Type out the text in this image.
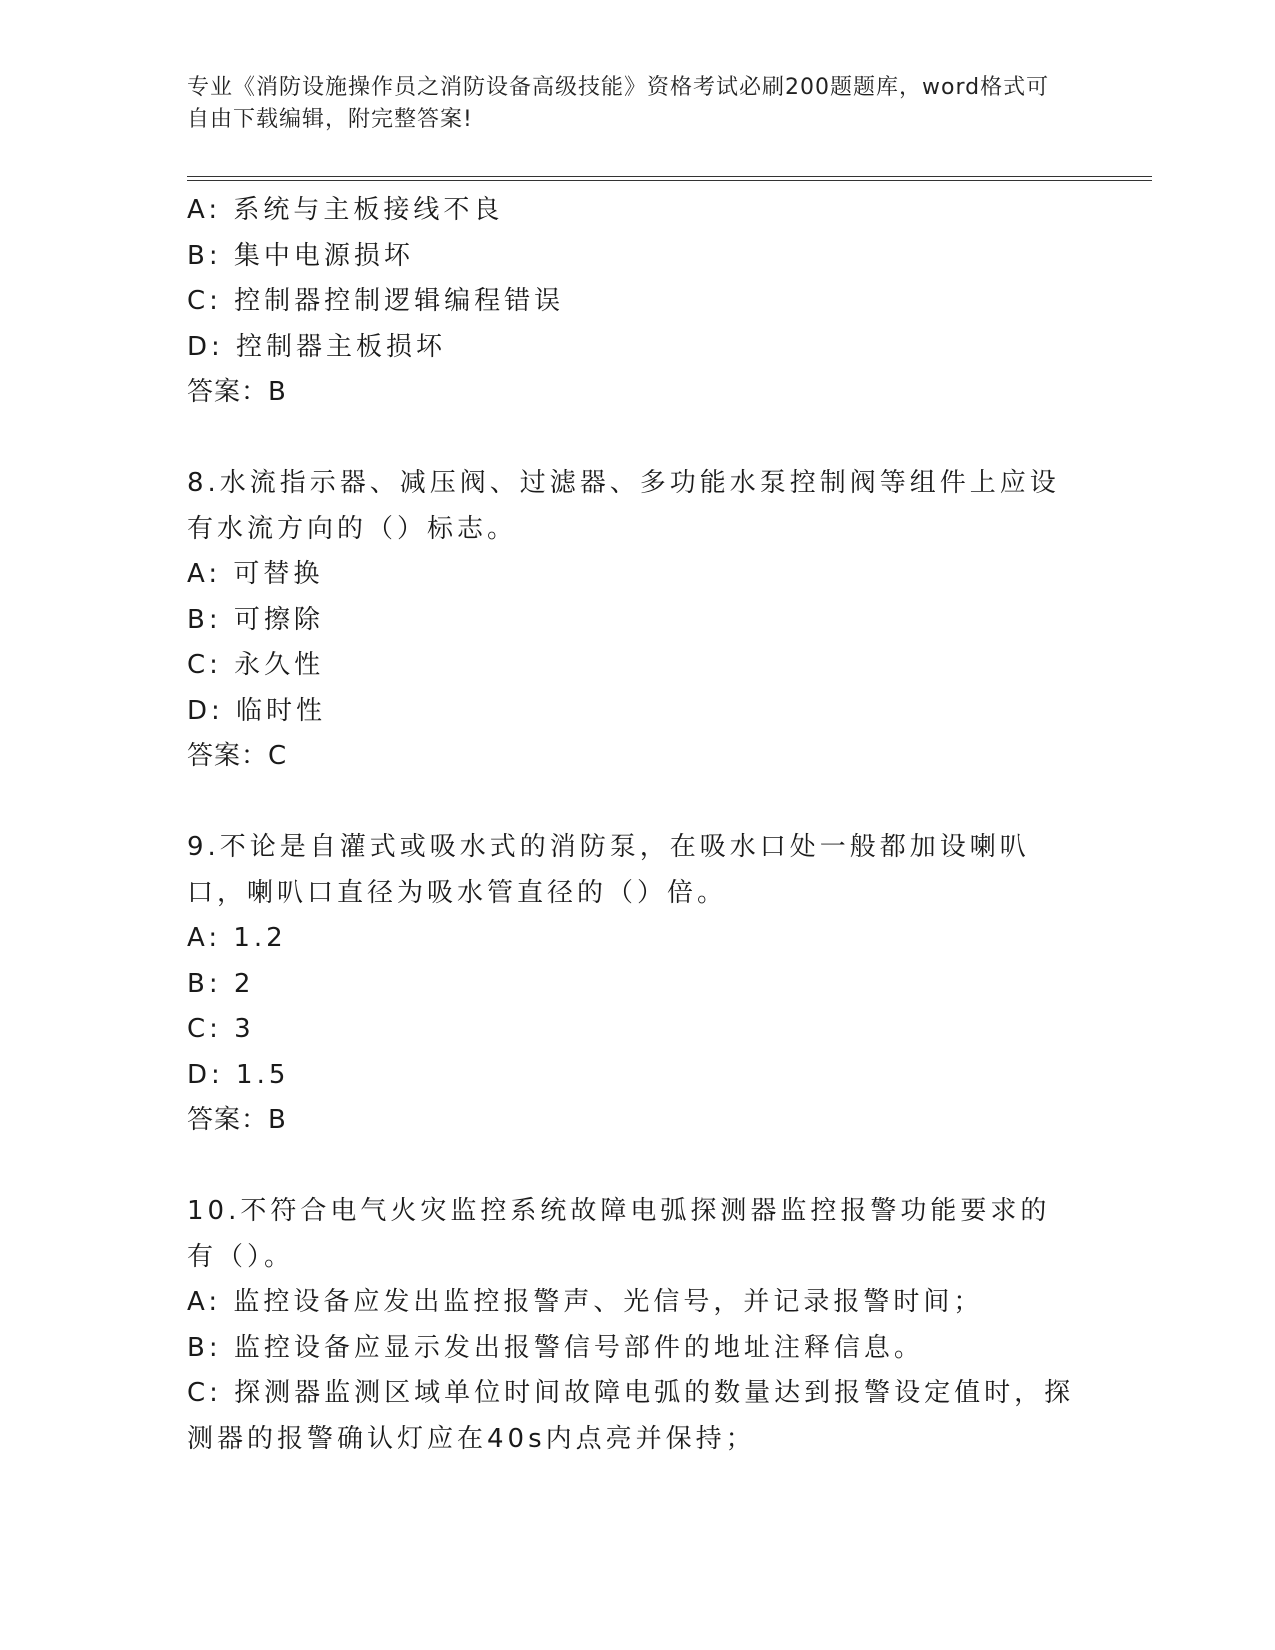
专业《消防设施操作员之消防设备高级技能》资格考试必刷200题题库，word格式可自由下载编辑，附完整答案!
A: 系统与主板接线不良
B: 集中电源损坏
C: 控制器控制逻辑编程错误
D: 控制器主板损坏
答案：B
8.水流指示器、减压阀、过滤器、多功能水泵控制阀等组件上应设有水流方向的（）标志。
A: 可替换
B: 可擦除
C: 永久性
D: 临时性
答案：C
9.不论是自灌式或吸水式的消防泵，在吸水口处一般都加设喇叭口，喇叭口直径为吸水管直径的（）倍。
A: 1.2
B: 2
C: 3
D: 1.5
答案：B
10.不符合电气火灾监控系统故障电弧探测器监控报警功能要求的有（）。
A: 监控设备应发出监控报警声、光信号，并记录报警时间；
B: 监控设备应显示发出报警信号部件的地址注释信息。
C: 探测器监测区域单位时间故障电弧的数量达到报警设定值时，探测器的报警确认灯应在40s内点亮并保持；
